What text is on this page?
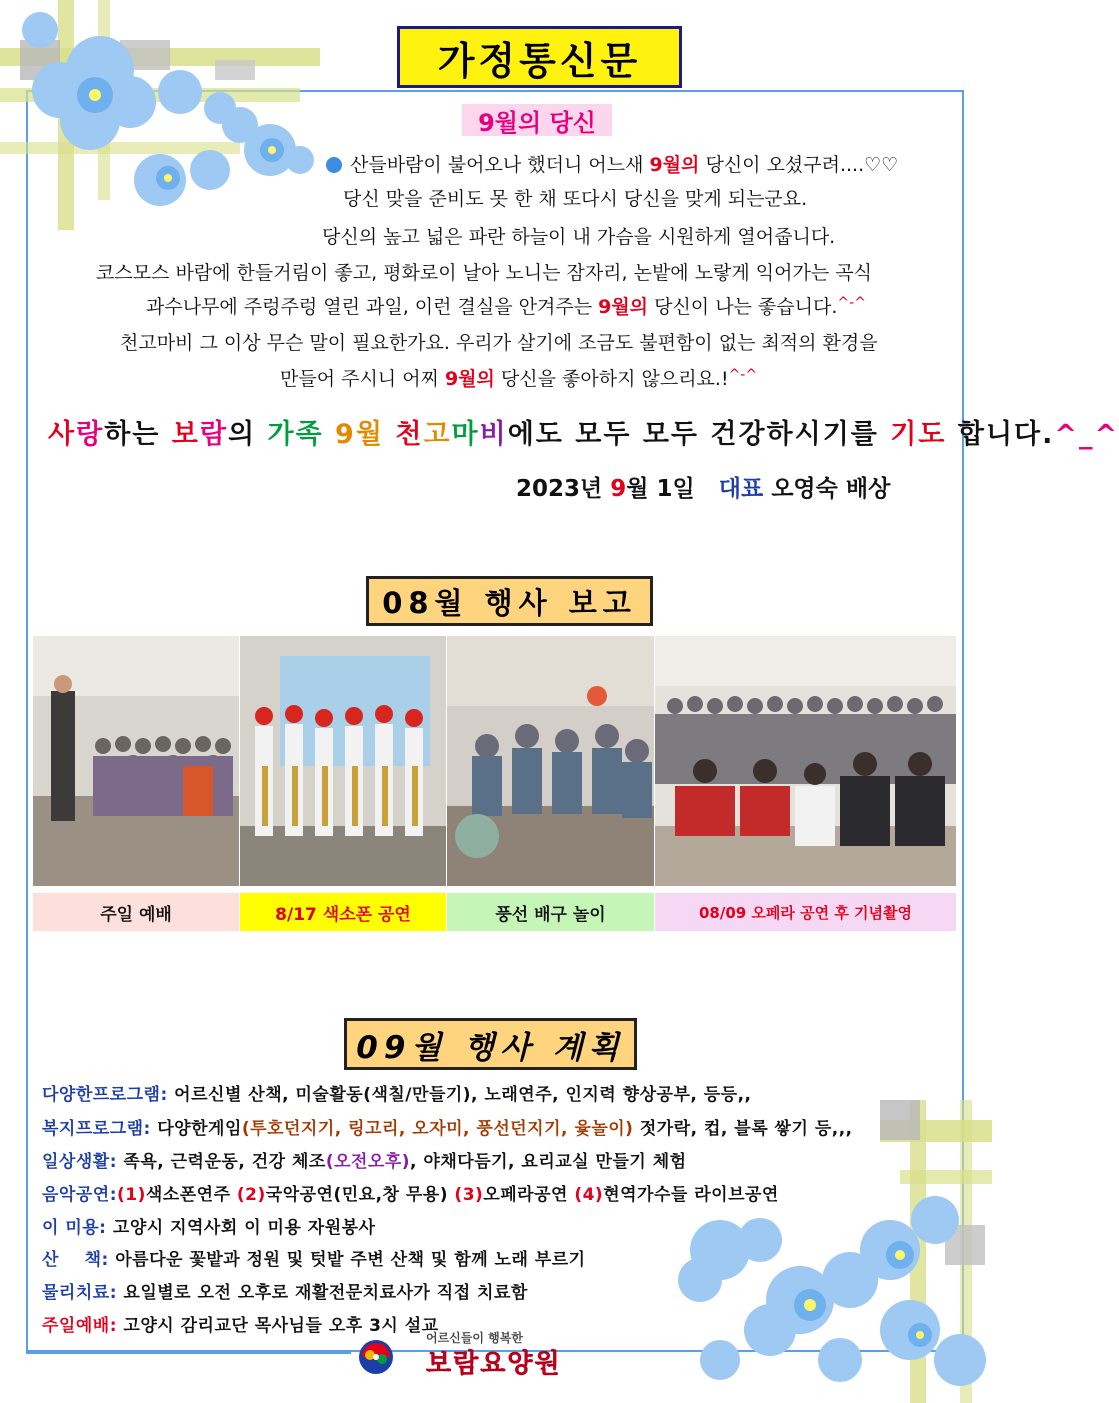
가정통신문
9월의 당신
산들바람이 불어오나 했더니 어느새 9월의 당신이 오셨구려....♡♡
당신 맞을 준비도 못 한 채 또다시 당신을 맞게 되는군요.
당신의 높고 넓은 파란 하늘이 내 가슴을 시원하게 열어줍니다.
코스모스 바람에 한들거림이 좋고, 평화로이 날아 노니는 잠자리, 논밭에 노랗게 익어가는 곡식
과수나무에 주렁주렁 열린 과일, 이런 결실을 안겨주는 9월의 당신이 나는 좋습니다.^-^
천고마비 그 이상 무슨 말이 필요한가요. 우리가 살기에 조금도 불편함이 없는 최적의 환경을
만들어 주시니 어찌 9월의 당신을 좋아하지 않으리요.!^-^
사랑하는 보람의 가족 9월 천고마비에도 모두 모두 건강하시기를 기도 합니다.^_^
2023년 9월 1일 대표 오영숙 배상
08월 행사 보고
주일 예배	8/17 색소폰 공연	풍선 배구 놀이	08/09 오페라 공연 후 기념촬영
09월 행사 계획
다양한프로그램: 어르신별 산책, 미술활동(색칠/만들기), 노래연주, 인지력 향상공부, 등등,,
복지프로그램: 다양한게임(투호던지기, 링고리, 오자미, 풍선던지기, 윷놀이) 젓가락, 컵, 블록 쌓기 등,,,
일상생활: 족욕, 근력운동, 건강 체조(오전오후), 야채다듬기, 요리교실 만들기 체험
음악공연:(1)색소폰연주 (2)국악공연(민요,창 무용) (3)오페라공연 (4)현역가수들 라이브공연
이 미용: 고양시 지역사회 이 미용 자원봉사
산    책: 아름다운 꽃밭과 정원 및 텃밭 주변 산책 및 함께 노래 부르기
물리치료: 요일별로 오전 오후로 재활전문치료사가 직접 치료함
주일예배: 고양시 감리교단 목사님들 오후 3시 설교
어르신들이 행복한
보람요양원
